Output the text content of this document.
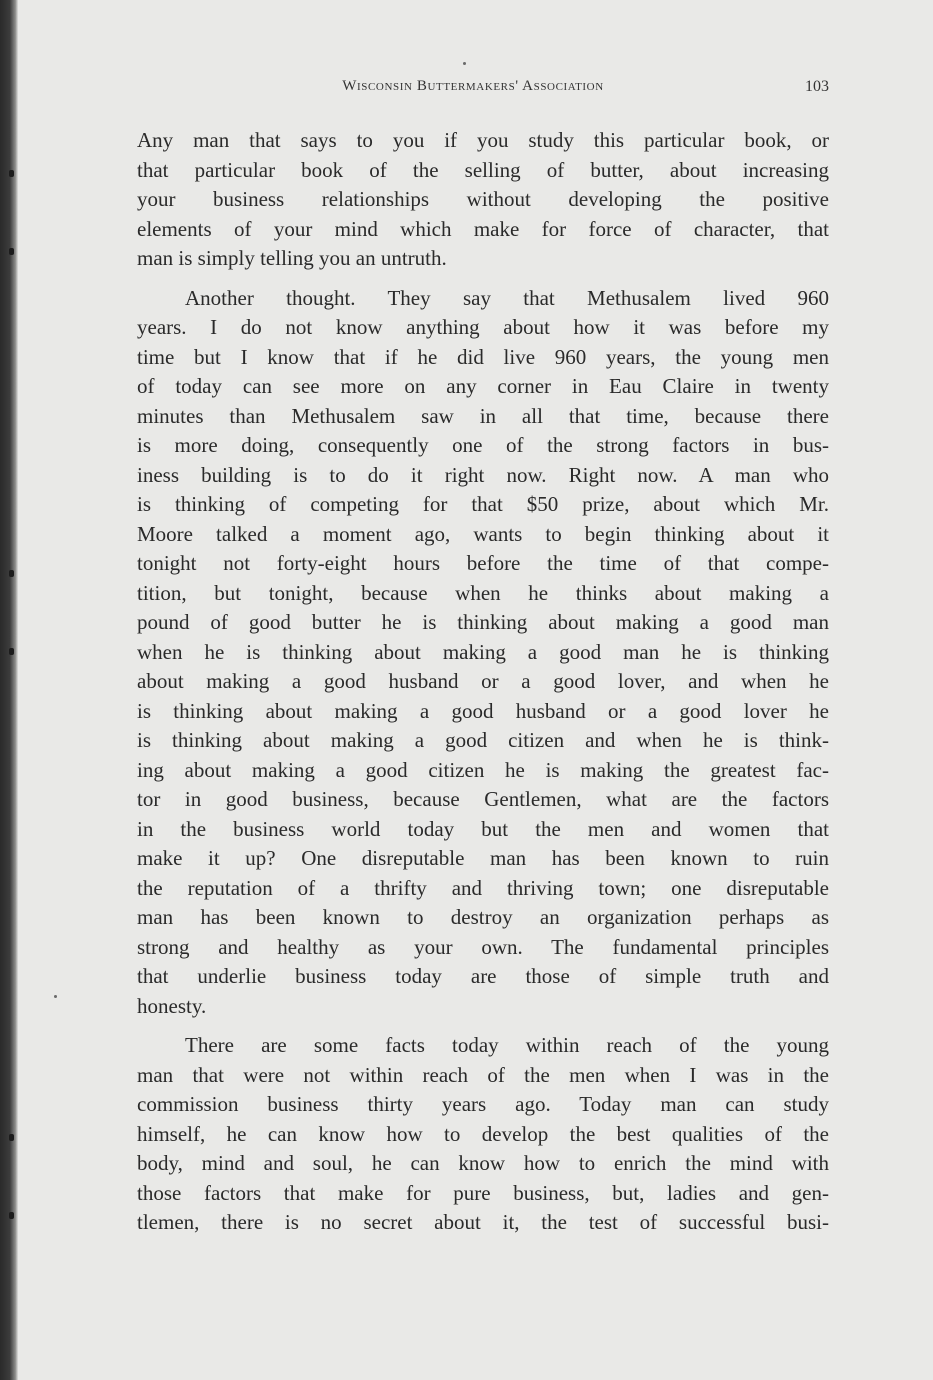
Wisconsin Buttermakers' Association	103
Any man that says to you if you study this particular book, or
that particular book of the selling of butter, about increasing
your business relationships without developing the positive
elements of your mind which make for force of character, that
man is simply telling you an untruth.
Another thought. They say that Methusalem lived 960
years. I do not know anything about how it was before my
time but I know that if he did live 960 years, the young men
of today can see more on any corner in Eau Claire in twenty
minutes than Methusalem saw in all that time, because there
is more doing, consequently one of the strong factors in bus-
iness building is to do it right now. Right now. A man who
is thinking of competing for that $50 prize, about which Mr.
Moore talked a moment ago, wants to begin thinking about it
tonight not forty-eight hours before the time of that compe-
tition, but tonight, because when he thinks about making a
pound of good butter he is thinking about making a good man
when he is thinking about making a good man he is thinking
about making a good husband or a good lover, and when he
is thinking about making a good husband or a good lover he
is thinking about making a good citizen and when he is think-
ing about making a good citizen he is making the greatest fac-
tor in good business, because Gentlemen, what are the factors
in the business world today but the men and women that
make it up? One disreputable man has been known to ruin
the reputation of a thrifty and thriving town; one disreputable
man has been known to destroy an organization perhaps as
strong and healthy as your own. The fundamental principles
that underlie business today are those of simple truth and
honesty.
There are some facts today within reach of the young
man that were not within reach of the men when I was in the
commission business thirty years ago. Today man can study
himself, he can know how to develop the best qualities of the
body, mind and soul, he can know how to enrich the mind with
those factors that make for pure business, but, ladies and gen-
tlemen, there is no secret about it, the test of successful busi-
